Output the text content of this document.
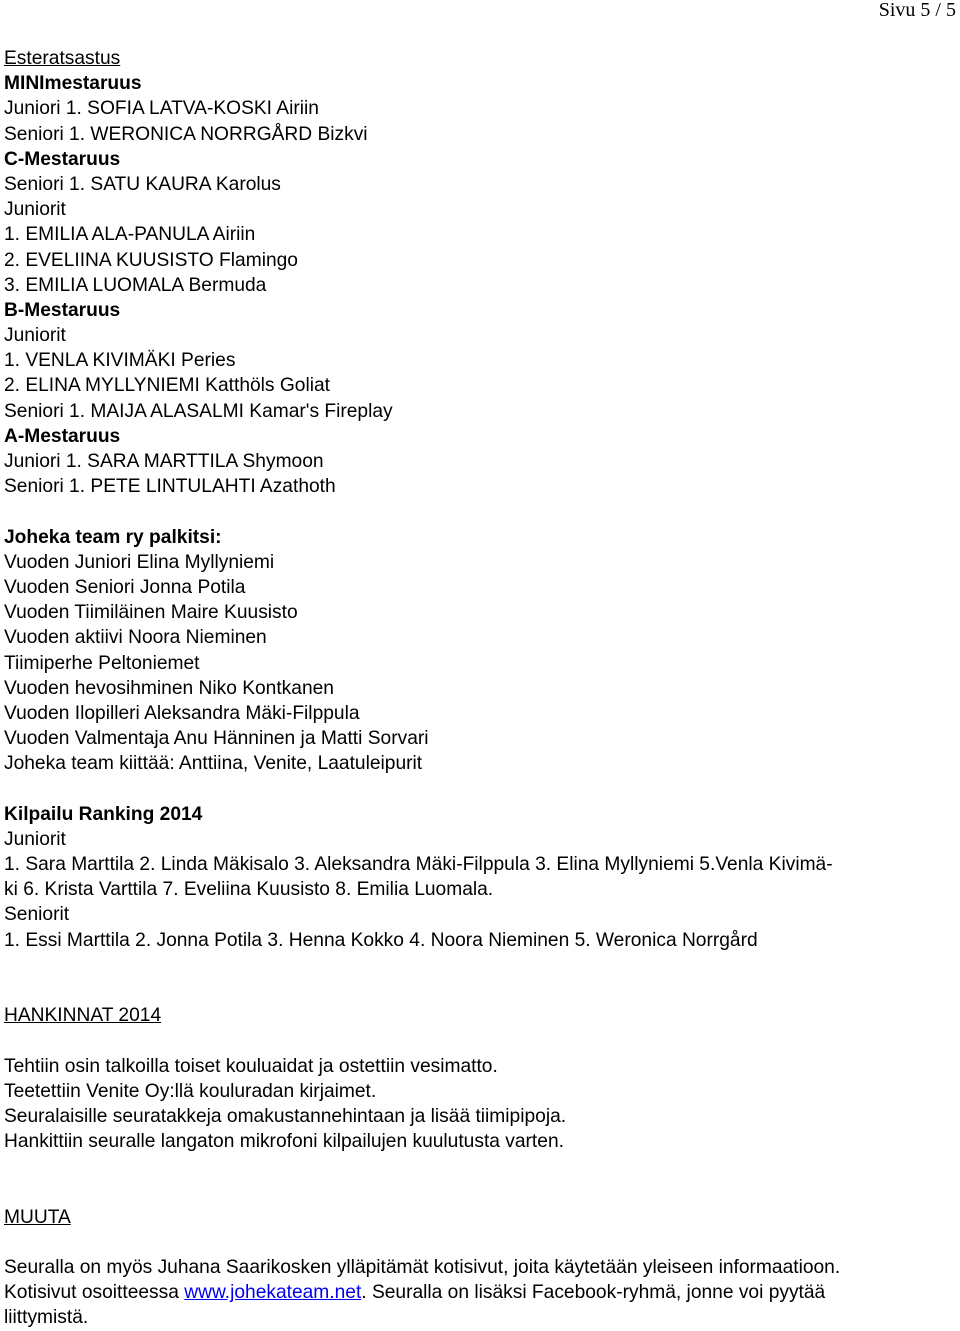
Sivu 5 / 5
Esteratsastus
MINImestaruus
Juniori 1. SOFIA LATVA-KOSKI Airiin
Seniori 1. WERONICA NORRGÅRD Bizkvi
C-Mestaruus
Seniori 1. SATU KAURA Karolus
Juniorit
1. EMILIA ALA-PANULA Airiin
2. EVELIINA KUUSISTO Flamingo
3. EMILIA LUOMALA Bermuda
B-Mestaruus
Juniorit
1. VENLA KIVIMÄKI Peries
2. ELINA MYLLYNIEMI Katthöls Goliat
Seniori 1. MAIJA ALASALMI Kamar's Fireplay
A-Mestaruus
Juniori 1. SARA MARTTILA Shymoon
Seniori 1. PETE LINTULAHTI Azathoth
Joheka team ry palkitsi:
Vuoden Juniori Elina Myllyniemi
Vuoden Seniori Jonna Potila
Vuoden Tiimiläinen Maire Kuusisto
Vuoden aktiivi Noora Nieminen
Tiimiperhe Peltoniemet
Vuoden hevosihminen Niko Kontkanen
Vuoden Ilopilleri Aleksandra Mäki-Filppula
Vuoden Valmentaja Anu Hänninen ja Matti Sorvari
Joheka team kiittää: Anttiina, Venite, Laatuleipurit
Kilpailu Ranking 2014
Juniorit
1. Sara Marttila 2. Linda Mäkisalo 3. Aleksandra Mäki-Filppula 3. Elina Myllyniemi 5.Venla Kivimä-
ki 6. Krista Varttila 7. Eveliina Kuusisto 8. Emilia Luomala.
Seniorit
1. Essi Marttila 2. Jonna Potila 3. Henna Kokko 4. Noora Nieminen 5. Weronica Norrgård
HANKINNAT 2014
Tehtiin osin talkoilla toiset kouluaidat ja ostettiin vesimatto.
Teetettiin Venite Oy:llä kouluradan kirjaimet.
Seuralaisille seuratakkeja omakustannehintaan ja lisää tiimipipoja.
Hankittiin seuralle langaton mikrofoni kilpailujen kuulutusta varten.
MUUTA
Seuralla on myös Juhana Saarikosken ylläpitämät kotisivut, joita käytetään yleiseen informaatioon.
Kotisivut osoitteessa www.johekateam.net. Seuralla on lisäksi Facebook-ryhmä, jonne voi pyytää
liittymistä.
